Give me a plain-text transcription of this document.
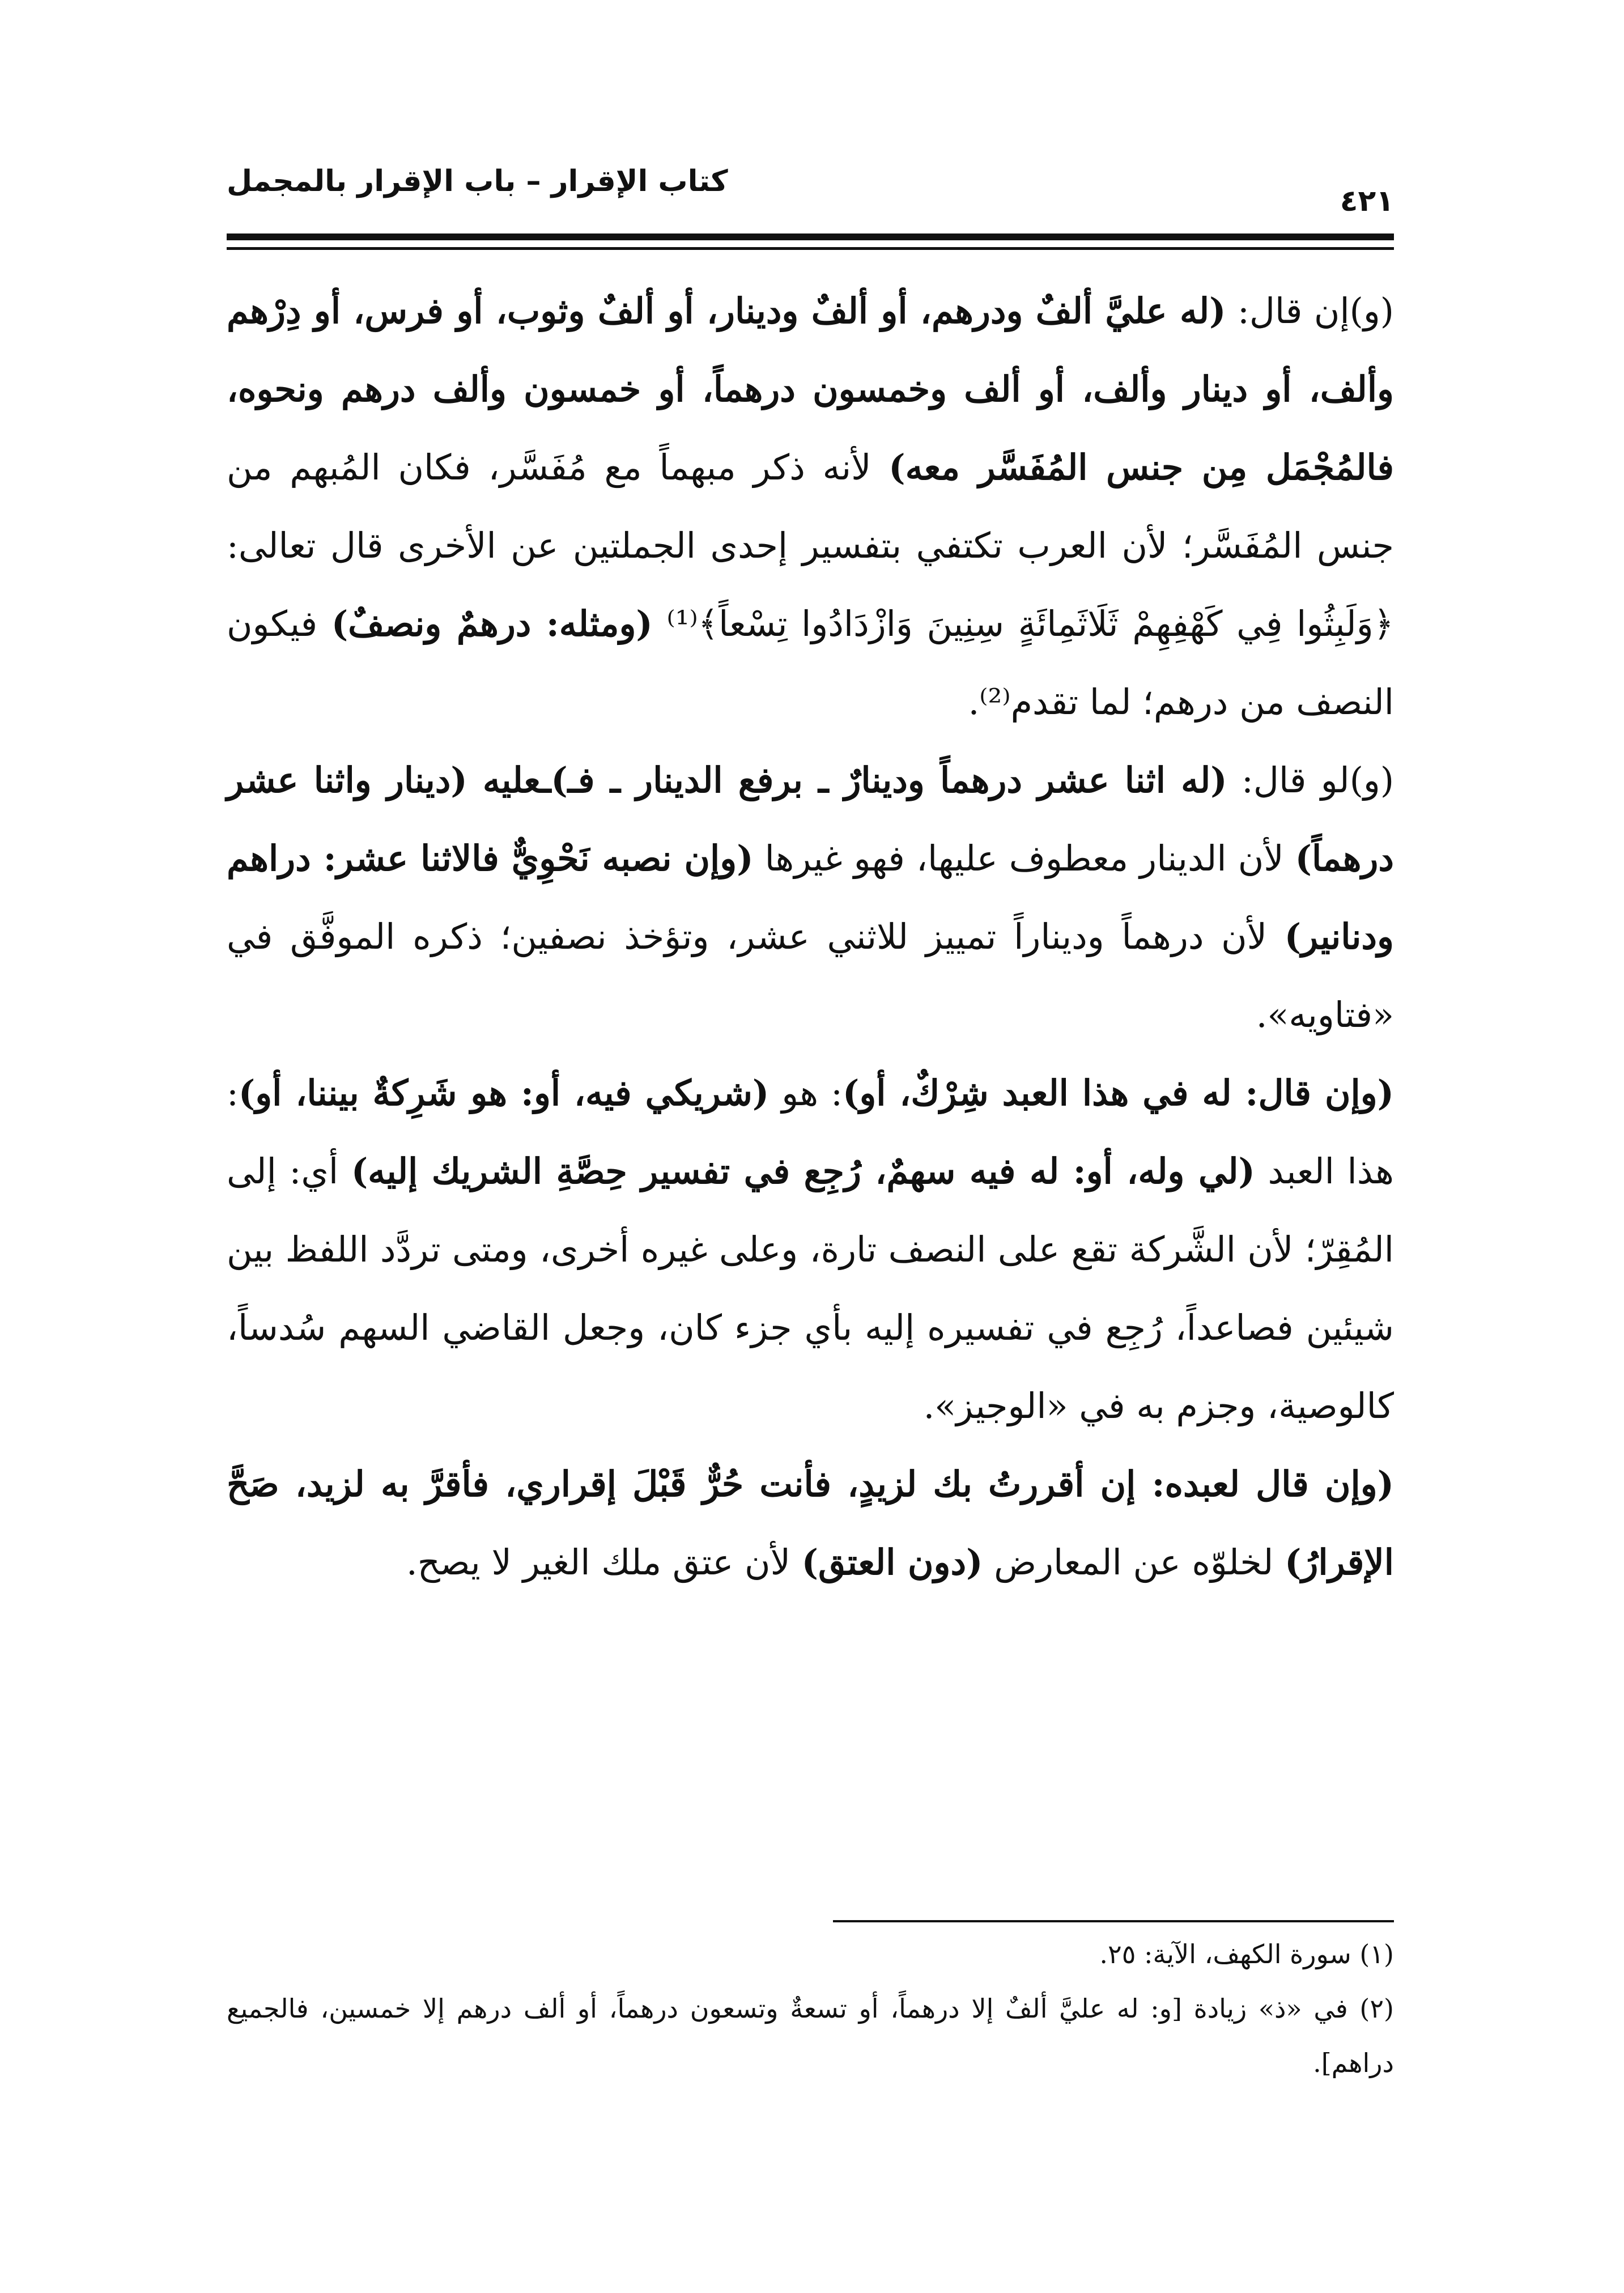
كتاب الإقرار – باب الإقرار بالمجمل
٤٢١

(و)إن قال: (له عليَّ ألفٌ ودرهم، أو ألفٌ ودينار، أو ألفٌ وثوب، أو فرس، أو دِرْهم وألف، أو دينار وألف، أو ألف وخمسون درهماً، أو خمسون وألف درهم ونحوه، فالمُجْمَل مِن جنس المُفَسَّر معه) لأنه ذكر مبهماً مع مُفَسَّر، فكان المُبهم من جنس المُفَسَّر؛ لأن العرب تكتفي بتفسير إحدى الجملتين عن الأخرى قال تعالى: ﴿وَلَبِثُوا فِي كَهْفِهِمْ ثَلَاثَمِائَةٍ سِنِينَ وَازْدَادُوا تِسْعاً﴾⁽¹⁾ (ومثله: درهمٌ ونصفٌ) فيكون النصف من درهم؛ لما تقدم⁽²⁾.

(و)لو قال: (له اثنا عشر درهماً ودينارٌ ـ برفع الدينار ـ فـ)ـعليه (دينار واثنا عشر درهماً) لأن الدينار معطوف عليها، فهو غيرها (وإن نصبه نَحْوِيٌّ فالاثنا عشر: دراهم ودنانير) لأن درهماً وديناراً تمييز للاثني عشر، وتؤخذ نصفين؛ ذكره الموفَّق في «فتاويه».

(وإن قال: له في هذا العبد شِرْكٌ، أو): هو (شريكي فيه، أو: هو شَرِكةٌ بيننا، أو): هذا العبد (لي وله، أو: له فيه سهمٌ، رُجِع في تفسير حِصَّةِ الشريك إليه) أي: إلى المُقِرّ؛ لأن الشَّركة تقع على النصف تارة، وعلى غيره أخرى، ومتى تردَّد اللفظ بين شيئين فصاعداً، رُجِع في تفسيره إليه بأي جزء كان، وجعل القاضي السهم سُدساً، كالوصية، وجزم به في «الوجيز».

(وإن قال لعبده: إن أقررتُ بك لزيدٍ، فأنت حُرٌّ قَبْلَ إقراري، فأقرَّ به لزيد، صَحَّ الإقرارُ) لخلوّه عن المعارض (دون العتق) لأن عتق ملك الغير لا يصح.

(١) سورة الكهف، الآية: ٢٥.

(٢) في «ذ» زيادة [و: له عليَّ ألفٌ إلا درهماً، أو تسعةٌ وتسعون درهماً، أو ألف درهم إلا خمسين، فالجميع دراهم].
